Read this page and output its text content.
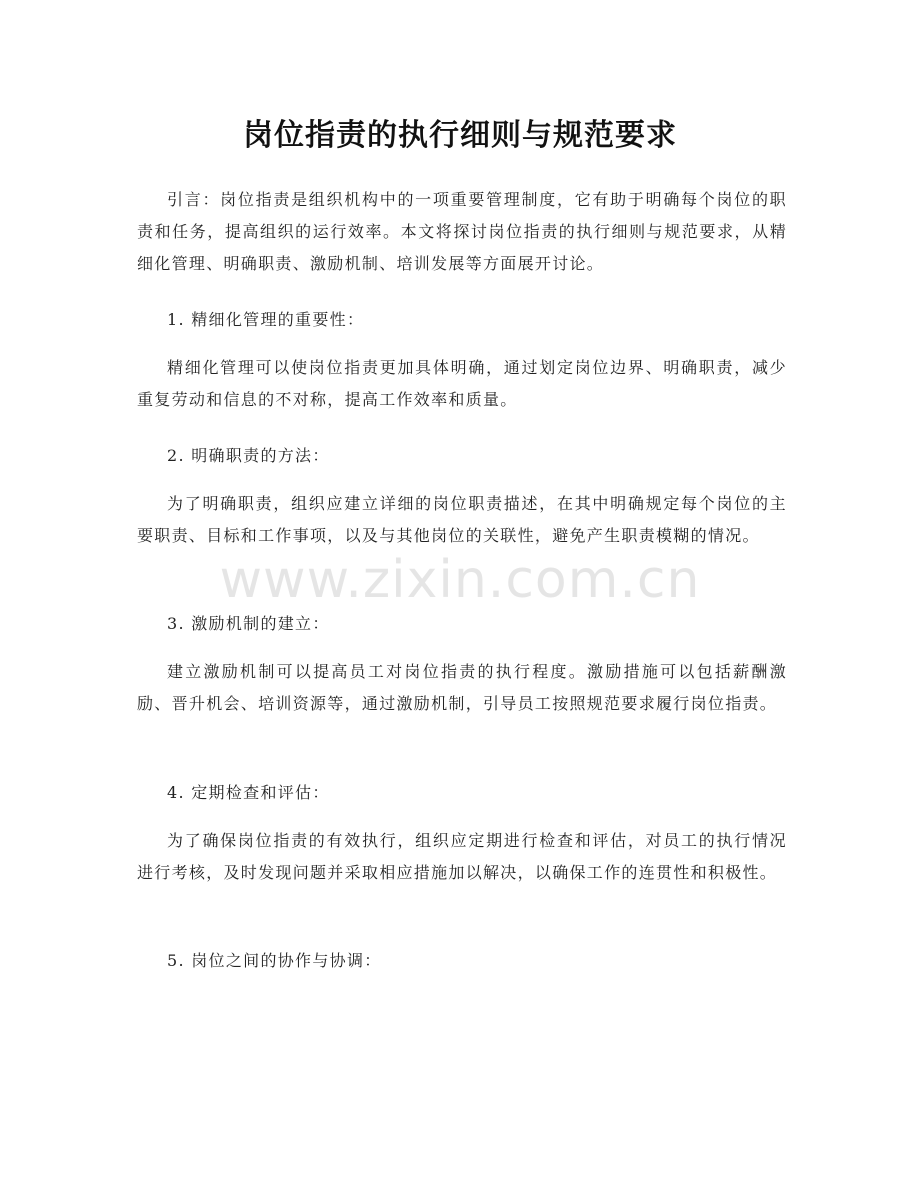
岗位指责的执行细则与规范要求

引言：岗位指责是组织机构中的一项重要管理制度，它有助于明确每个岗位的职责和任务，提高组织的运行效率。本文将探讨岗位指责的执行细则与规范要求，从精细化管理、明确职责、激励机制、培训发展等方面展开讨论。

1. 精细化管理的重要性：

精细化管理可以使岗位指责更加具体明确，通过划定岗位边界、明确职责，减少重复劳动和信息的不对称，提高工作效率和质量。

2. 明确职责的方法：

为了明确职责，组织应建立详细的岗位职责描述，在其中明确规定每个岗位的主要职责、目标和工作事项，以及与其他岗位的关联性，避免产生职责模糊的情况。

3. 激励机制的建立：

建立激励机制可以提高员工对岗位指责的执行程度。激励措施可以包括薪酬激励、晋升机会、培训资源等，通过激励机制，引导员工按照规范要求履行岗位指责。

4. 定期检查和评估：

为了确保岗位指责的有效执行，组织应定期进行检查和评估，对员工的执行情况进行考核，及时发现问题并采取相应措施加以解决，以确保工作的连贯性和积极性。

5. 岗位之间的协作与协调：

www.zixin.com.cn
